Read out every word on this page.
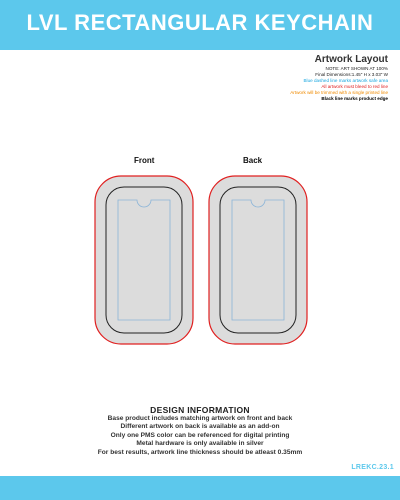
LVL RECTANGULAR KEYCHAIN
Artwork Layout
NOTE: ART SHOWN AT 100%
Final Dimensions:1.45" H x 3.03" W
Blue dashed line marks artwork safe area
All artwork must bleed to red line
Artwork will be trimmed with a single printed line
Black line marks product edge
Front	Back
DESIGN INFORMATION
Base product includes matching artwork on front and back
Different artwork on back is available as an add-on
Only one PMS color can be referenced for digital printing
Metal hardware is only available in silver
For best results, artwork line thickness should be atleast 0.35mm
LREKC.23.1
